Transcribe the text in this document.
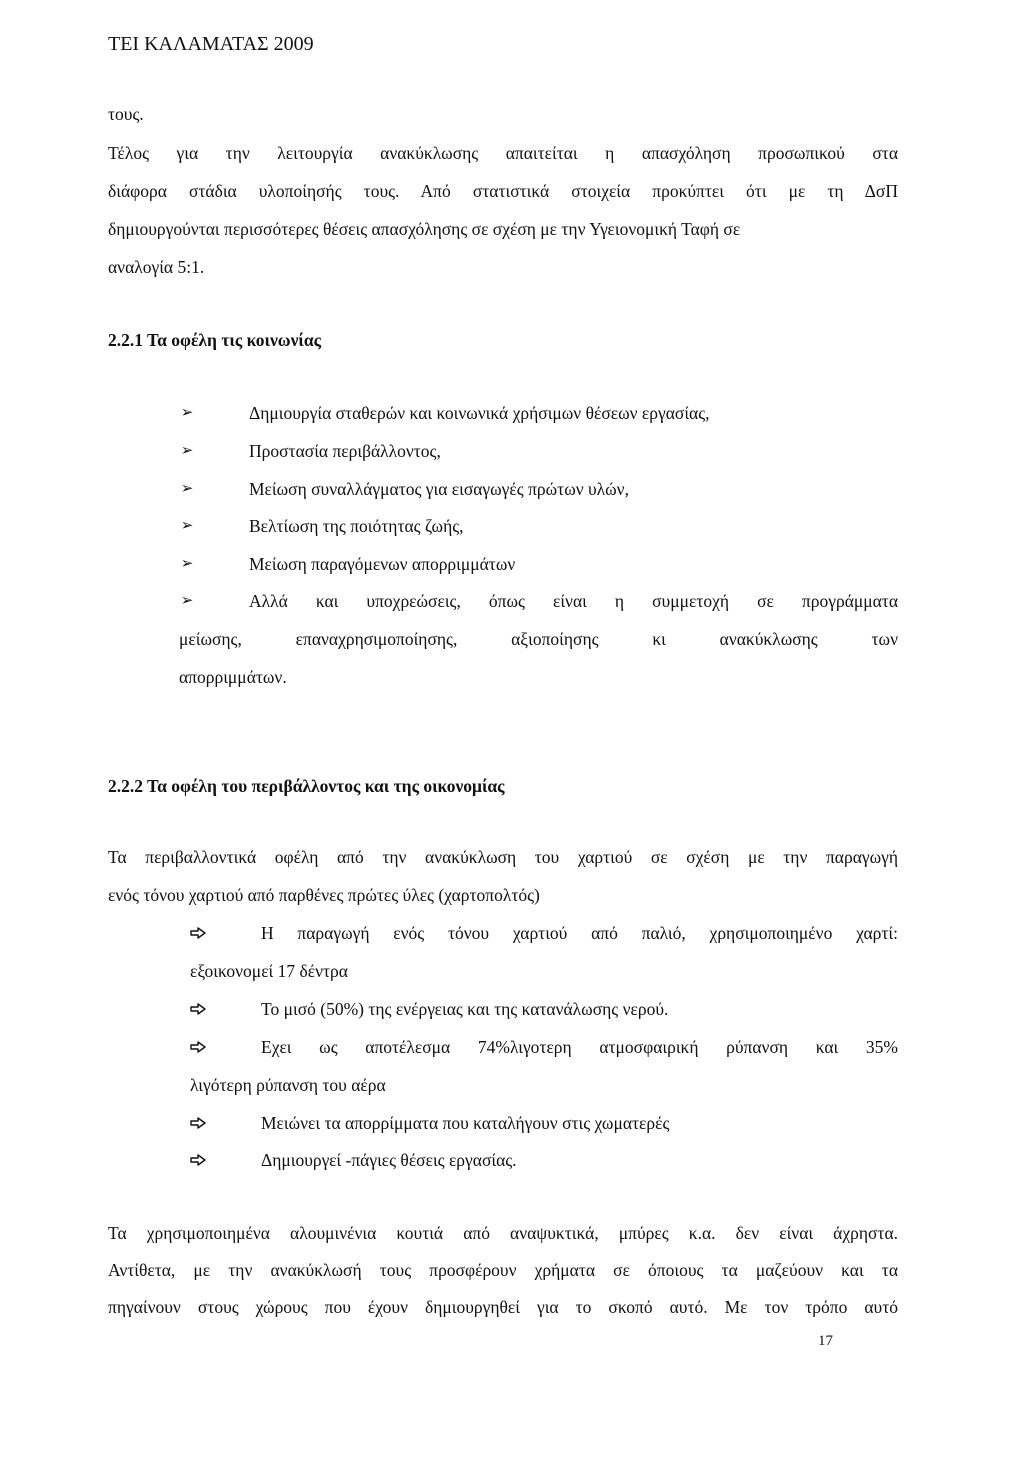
ΤΕΙ ΚΑΛΑΜΑΤΑΣ 2009
τους.
Τέλος για την λειτουργία ανακύκλωσης απαιτείται η απασχόληση προσωπικού στα
διάφορα στάδια υλοποίησής τους. Από στατιστικά στοιχεία προκύπτει ότι με τη ΔσΠ
δημιουργούνται περισσότερες θέσεις απασχόλησης σε σχέση με την Υγειονομική Ταφή σε
αναλογία 5:1.
2.2.1 Τα οφέλη τις κοινωνίας
➢	Δημιουργία σταθερών και κοινωνικά χρήσιμων θέσεων εργασίας,
➢	Προστασία περιβάλλοντος,
➢	Μείωση συναλλάγματος για εισαγωγές πρώτων υλών,
➢	Βελτίωση της ποιότητας ζωής,
➢	Μείωση παραγόμενων απορριμμάτων
➢	Αλλά και υποχρεώσεις, όπως είναι η συμμετοχή σε προγράμματα
μείωσης, επαναχρησιμοποίησης, αξιοποίησης κι ανακύκλωσης των
απορριμμάτων.
2.2.2 Τα οφέλη του περιβάλλοντος και της οικονομίας
Τα περιβαλλοντικά οφέλη από την ανακύκλωση του χαρτιού σε σχέση με την παραγωγή
ενός τόνου χαρτιού από παρθένες πρώτες ύλες (χαρτοπολτός)
Η παραγωγή ενός τόνου χαρτιού από παλιό, χρησιμοποιημένο χαρτί:
εξοικονομεί 17 δέντρα
Το μισό (50%) της ενέργειας και της κατανάλωσης νερού.
Εχει ως αποτέλεσμα 74%λιγοτερη ατμοσφαιρική ρύπανση και 35%
λιγότερη ρύπανση του αέρα
Μειώνει τα απορρίμματα που καταλήγουν στις χωματερές
Δημιουργεί -πάγιες θέσεις εργασίας.
Τα χρησιμοποιημένα αλουμινένια κουτιά από αναψυκτικά, μπύρες κ.α. δεν είναι άχρηστα.
Αντίθετα, με την ανακύκλωσή τους προσφέρουν χρήματα σε όποιους τα μαζεύουν και τα
πηγαίνουν στους χώρους που έχουν δημιουργηθεί για το σκοπό αυτό. Με τον τρόπο αυτό
17
